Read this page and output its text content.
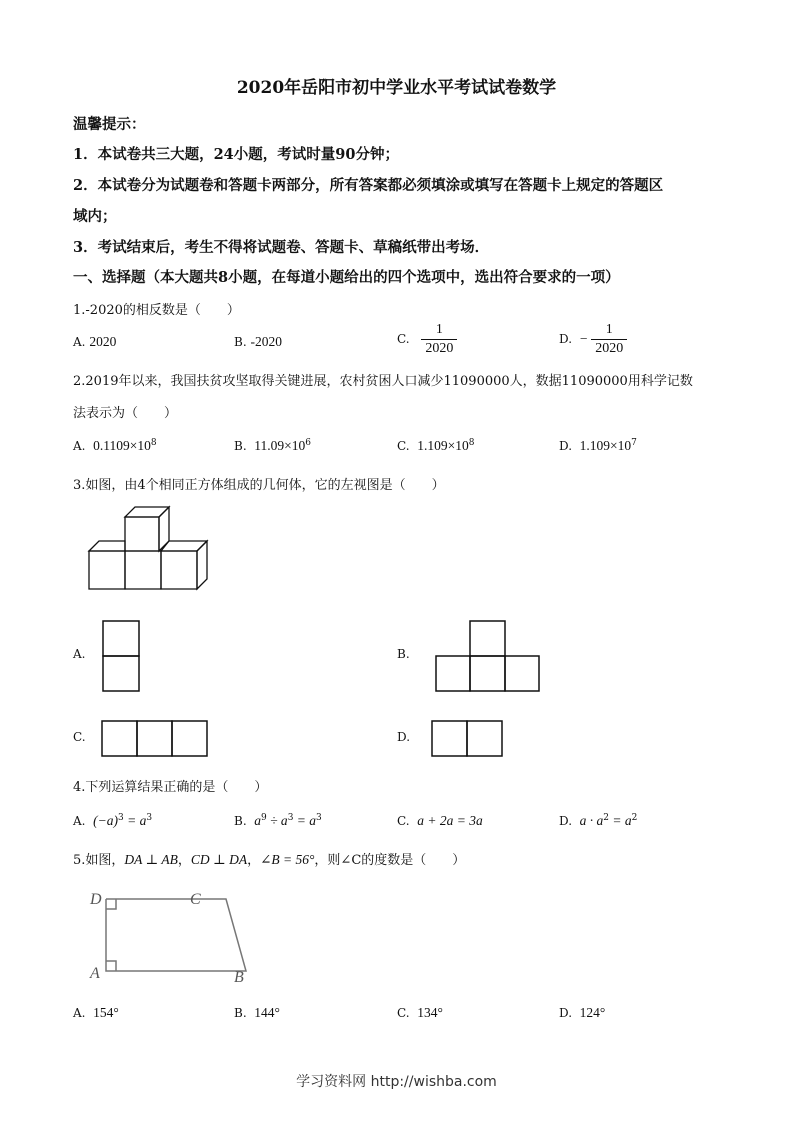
2020年岳阳市初中学业水平考试试卷数学
温馨提示：
1．本试卷共三大题，24小题，考试时量90分钟；
2．本试卷分为试题卷和答题卡两部分，所有答案都必须填涂或填写在答题卡上规定的答题区
域内；
3．考试结束后，考生不得将试题卷、答题卡、草稿纸带出考场．
一、选择题（本大题共8小题，在每道小题给出的四个选项中，选出符合要求的一项）
1.-2020的相反数是（　　）
A. 2020	B. -2020	C. $\frac{1}{2020}$	D. − $\frac{1}{2020}$
2.2019年以来，我国扶贫攻坚取得关键进展，农村贫困人口减少11090000人，数据11090000用科学记数
法表示为（　　）
A. $0.1109\times 10^8$	B. $11.09\times 10^6$	C. $1.109\times 10^8$	D. $1.109\times 10^7$
3.如图，由4个相同正方体组成的几何体，它的左视图是（　　）
A.	B.
C.	D.
4.下列运算结果正确的是（　　）
A. $(-a)^3 = a^3$	B. $a^9 \div a^3 = a^3$	C. a + 2a = 3a	D. $a \cdot a^2 = a^2$
5.如图，DA ⊥ AB，CD ⊥ DA，∠B = 56°，则∠C的度数是（　　）
D	C
A	B
A. 154°	B. 144°	C. 134°	D. 124°
学习资料网 http://wishba.com
